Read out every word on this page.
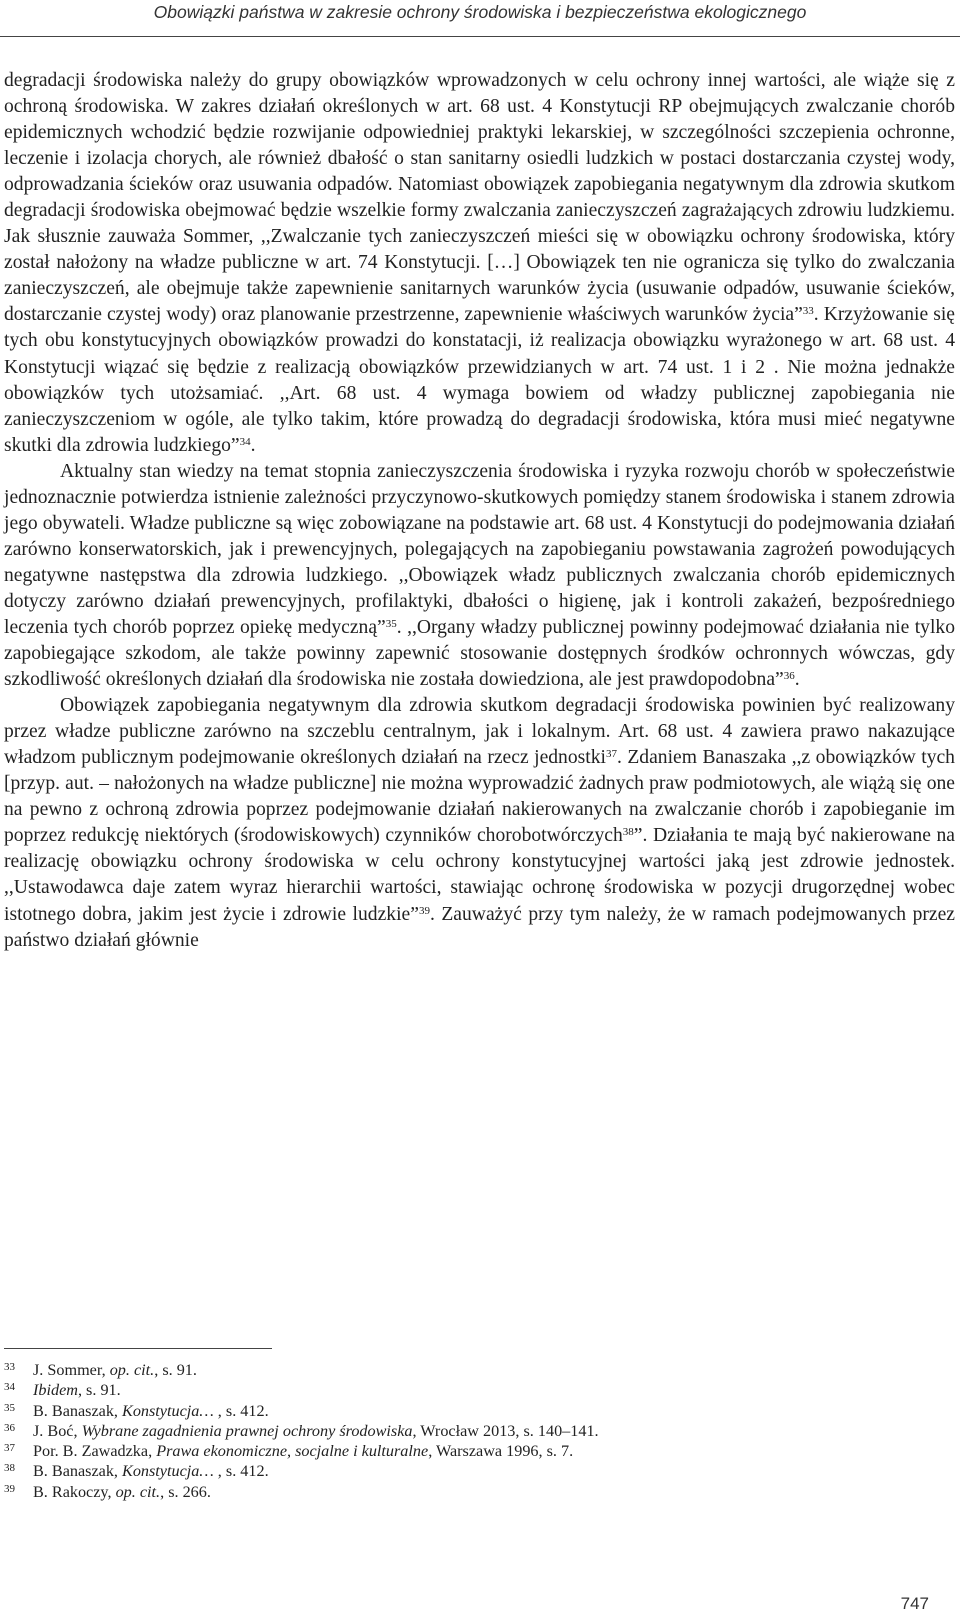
Obowiązki państwa w zakresie ochrony środowiska i bezpieczeństwa ekologicznego

degradacji środowiska należy do grupy obowiązków wprowadzonych w celu ochrony innej wartości, ale wiąże się z ochroną środowiska. W zakres działań określonych w art. 68 ust. 4 Konstytucji RP obejmujących zwalczanie chorób epidemicznych wchodzić będzie rozwijanie odpowiedniej praktyki lekarskiej, w szczególności szczepienia ochronne, leczenie i izolacja chorych, ale również dbałość o stan sanitarny osiedli ludzkich w postaci dostarczania czystej wody, odprowadzania ścieków oraz usuwania odpadów. Natomiast obowiązek zapobiegania negatywnym dla zdrowia skutkom degradacji środowiska obejmować będzie wszelkie formy zwalczania zanieczyszczeń zagrażających zdrowiu ludzkiemu. Jak słusznie zauważa Sommer, ,,Zwalczanie tych zanieczyszczeń mieści się w obowiązku ochrony środowiska, który został nałożony na władze publiczne w art. 74 Konstytucji. […] Obowiązek ten nie ogranicza się tylko do zwalczania zanieczyszczeń, ale obejmuje także zapewnienie sanitarnych warunków życia (usuwanie odpadów, usuwanie ścieków, dostarczanie czystej wody) oraz planowanie przestrzenne, zapewnienie właściwych warunków życia”$^{33}$. Krzyżowanie się tych obu konstytucyjnych obowiązków prowadzi do konstatacji, iż realizacja obowiązku wyrażonego w art. 68 ust. 4 Konstytucji wiązać się będzie z realizacją obowiązków przewidzianych w art. 74 ust. 1 i 2 . Nie można jednakże obowiązków tych utożsamiać. ,,Art. 68 ust. 4 wymaga bowiem od władzy publicznej zapobiegania nie zanieczyszczeniom w ogóle, ale tylko takim, które prowadzą do degradacji środowiska, która musi mieć negatywne skutki dla zdrowia ludzkiego”$^{34}$.

Aktualny stan wiedzy na temat stopnia zanieczyszczenia środowiska i ryzyka rozwoju chorób w społeczeństwie jednoznacznie potwierdza istnienie zależności przyczynowo-skutkowych pomiędzy stanem środowiska i stanem zdrowia jego obywateli. Władze publiczne są więc zobowiązane na podstawie art. 68 ust. 4 Konstytucji do podejmowania działań zarówno konserwatorskich, jak i prewencyjnych, polegających na zapobieganiu powstawania zagrożeń powodujących negatywne następstwa dla zdrowia ludzkiego. ,,Obowiązek władz publicznych zwalczania chorób epidemicznych dotyczy zarówno działań prewencyjnych, profilaktyki, dbałości o higienę, jak i kontroli zakażeń, bezpośredniego leczenia tych chorób poprzez opiekę medyczną”$^{35}$. ,,Organy władzy publicznej powinny podejmować działania nie tylko zapobiegające szkodom, ale także powinny zapewnić stosowanie dostępnych środków ochronnych wówczas, gdy szkodliwość określonych działań dla środowiska nie została dowiedziona, ale jest prawdopodobna”$^{36}$.

Obowiązek zapobiegania negatywnym dla zdrowia skutkom degradacji środowiska powinien być realizowany przez władze publiczne zarówno na szczeblu centralnym, jak i lokalnym. Art. 68 ust. 4 zawiera prawo nakazujące władzom publicznym podejmowanie określonych działań na rzecz jednostki$^{37}$. Zdaniem Banaszaka ,,z obowiązków tych [przyp. aut. – nałożonych na władze publiczne] nie można wyprowadzić żadnych praw podmiotowych, ale wiążą się one na pewno z ochroną zdrowia poprzez podejmowanie działań nakierowanych na zwalczanie chorób i zapobieganie im poprzez redukcję niektórych (środowiskowych) czynników chorobotwórczych$^{38}$”. Działania te mają być nakierowane na realizację obowiązku ochrony środowiska w celu ochrony konstytucyjnej wartości jaką jest zdrowie jednostek. ,,Ustawodawca daje zatem wyraz hierarchii wartości, stawiając ochronę środowiska w pozycji drugorzędnej wobec istotnego dobra, jakim jest życie i zdrowie ludzkie”$^{39}$. Zauważyć przy tym należy, że w ramach podejmowanych przez państwo działań głównie

33 J. Sommer, op. cit., s. 91.
34 Ibidem, s. 91.
35 B. Banaszak, Konstytucja… , s. 412.
36 J. Boć, Wybrane zagadnienia prawnej ochrony środowiska, Wrocław 2013, s. 140–141.
37 Por. B. Zawadzka, Prawa ekonomiczne, socjalne i kulturalne, Warszawa 1996, s. 7.
38 B. Banaszak, Konstytucja… , s. 412.
39 B. Rakoczy, op. cit., s. 266.
747
